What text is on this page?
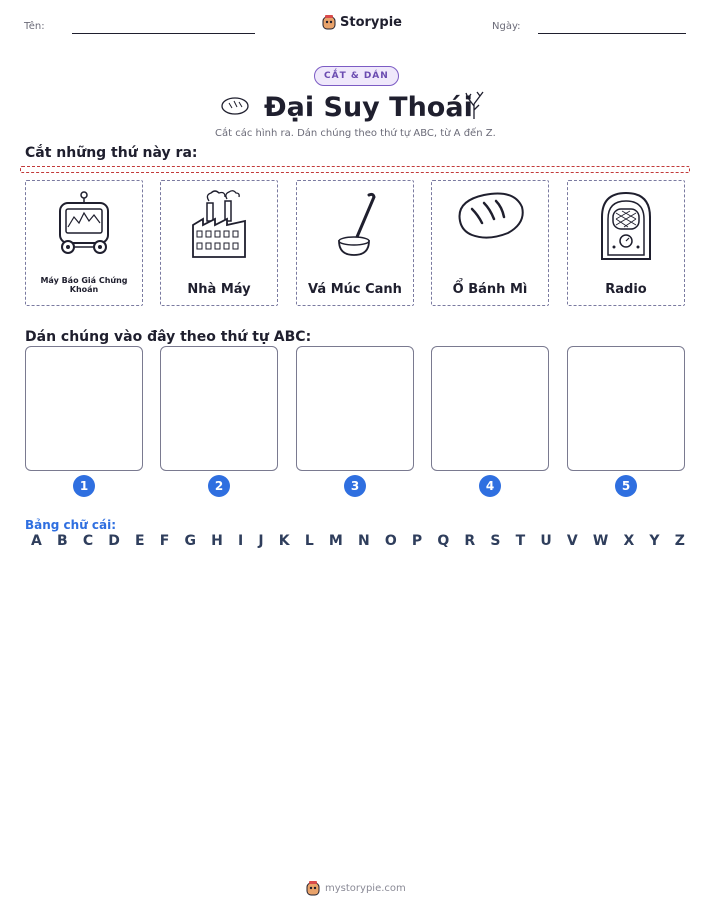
Tên:	Storypie	Ngày:
CẮT & DÁN
Đại Suy Thoái
Cắt các hình ra. Dán chúng theo thứ tự ABC, từ A đến Z.
Cắt những thứ này ra:
Máy Báo Giá Chứng Khoán	Nhà Máy	Vá Múc Canh	Ổ Bánh Mì	Radio
Dán chúng vào đây theo thứ tự ABC:
1	2	3	4	5
Bảng chữ cái:
A B C D E F G H I J K L M N O P Q R S T U V W X Y Z
mystorypie.com
